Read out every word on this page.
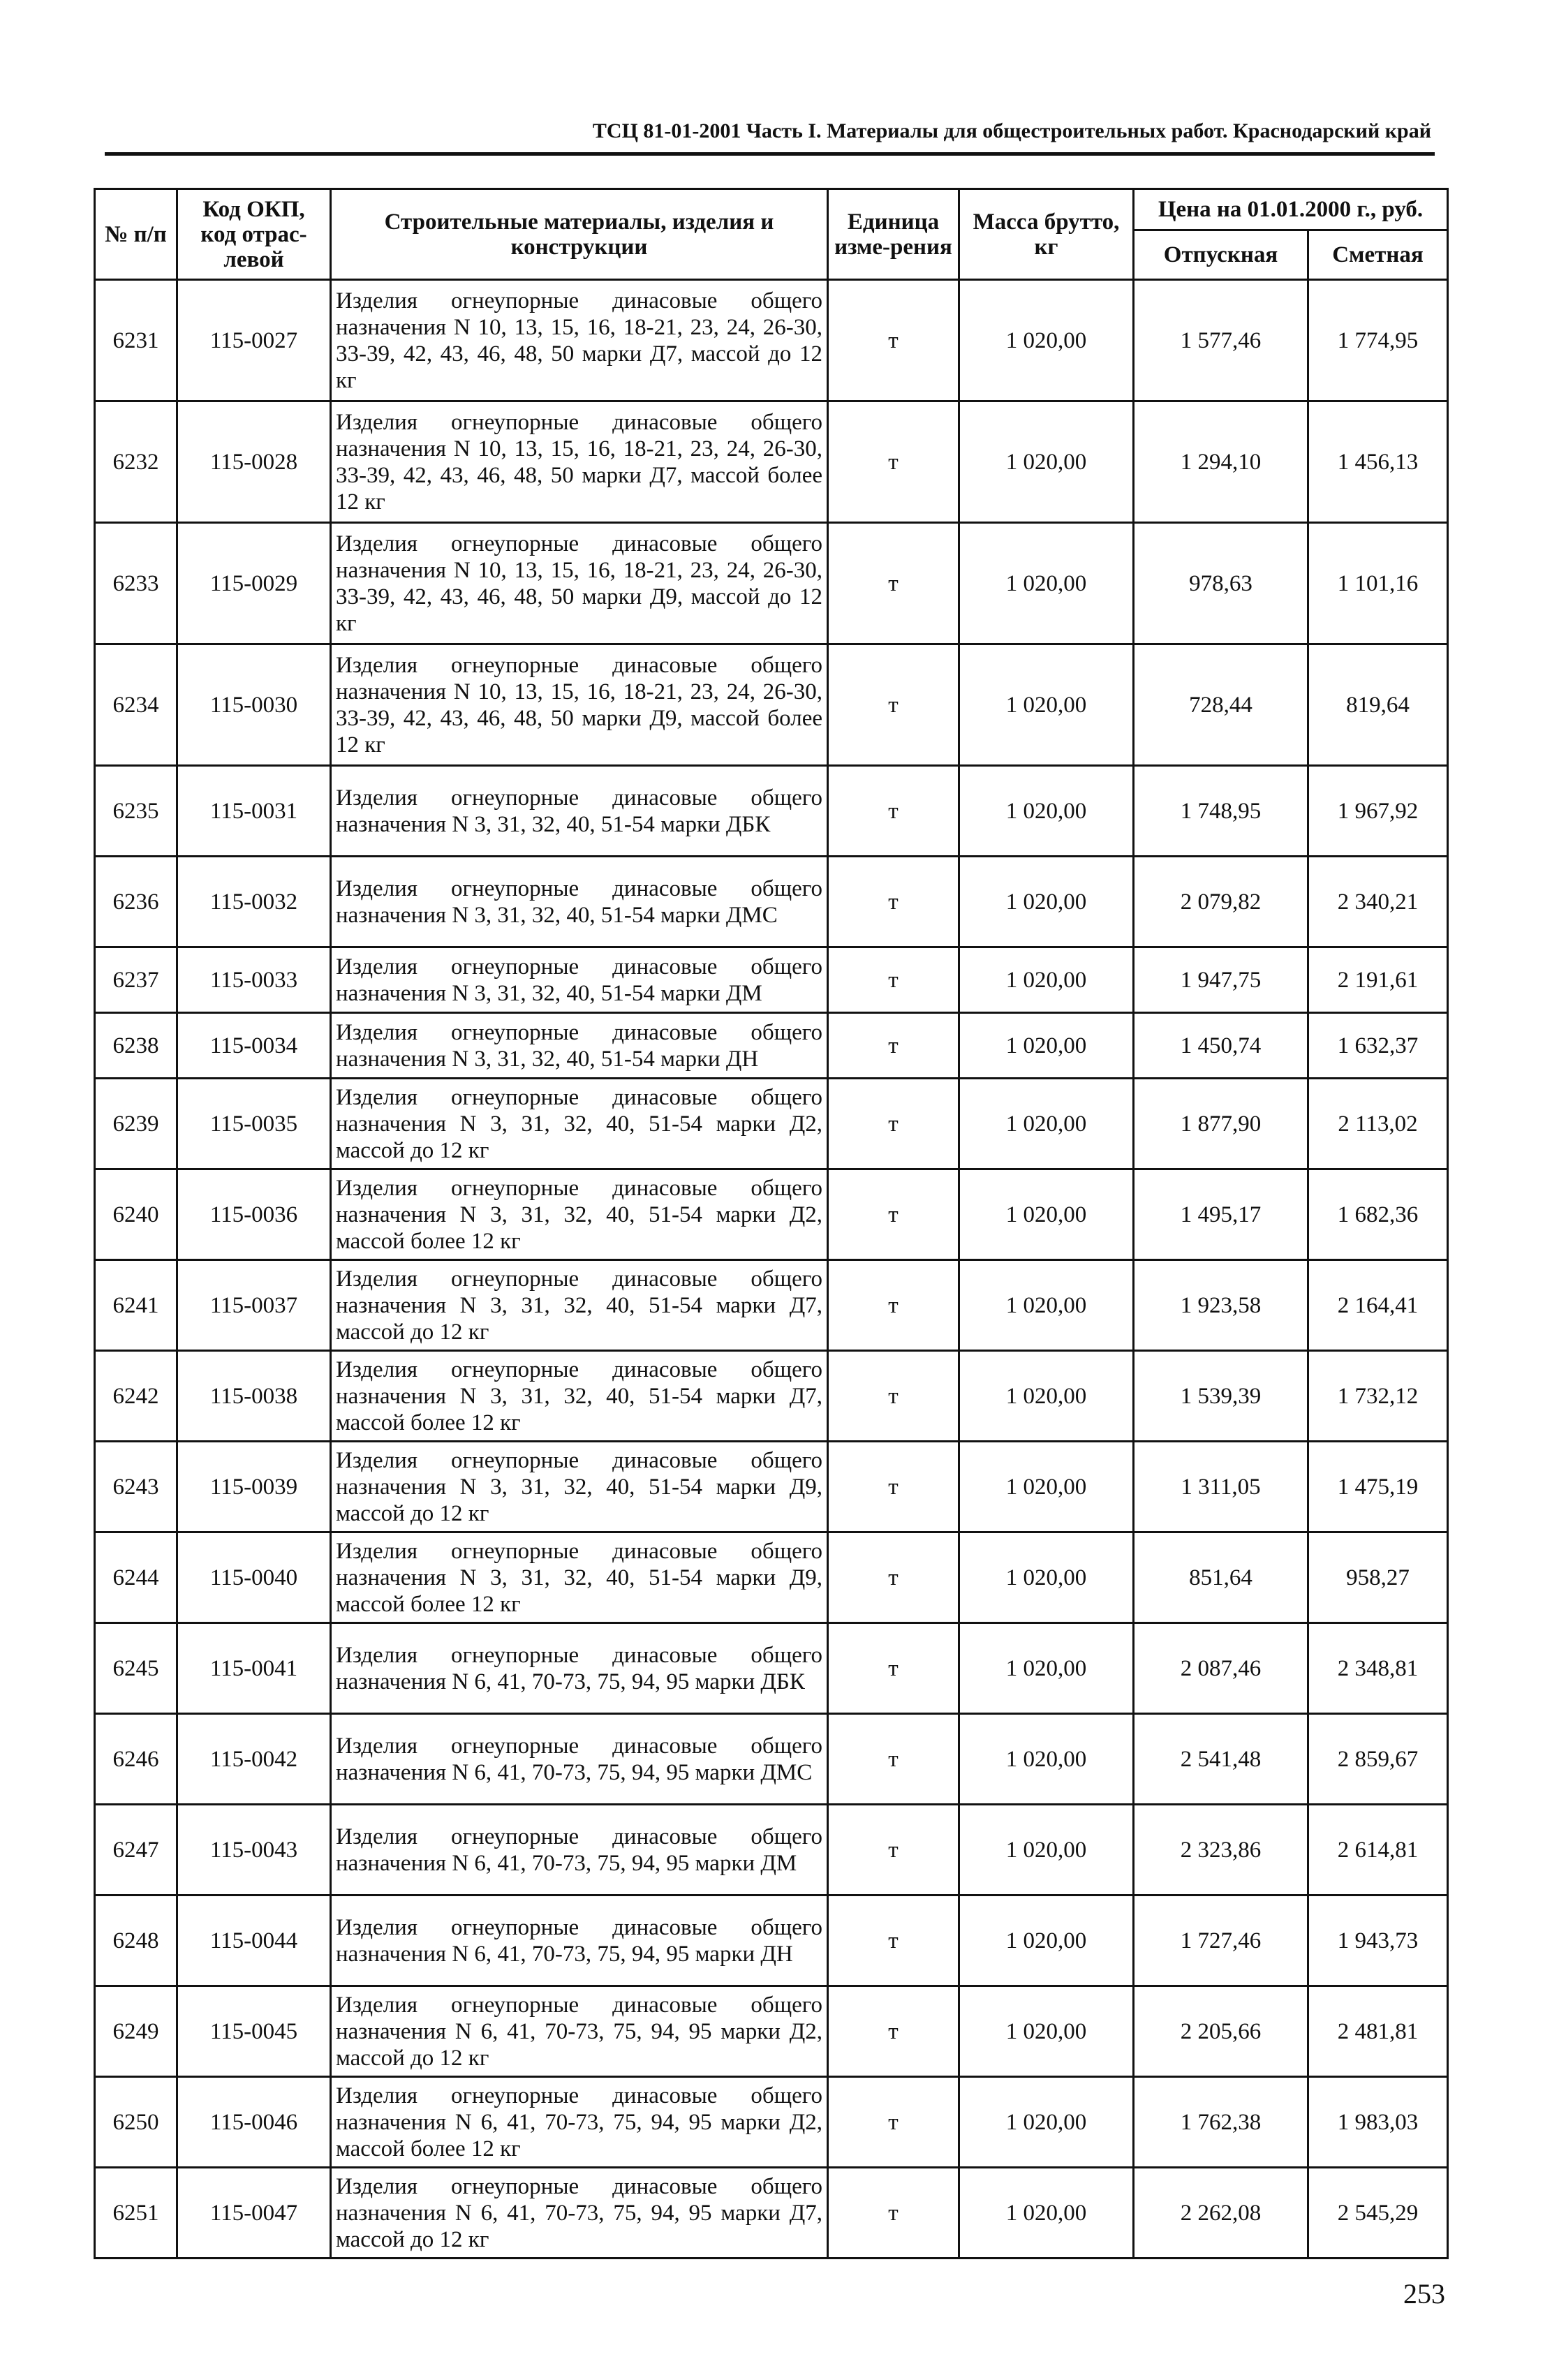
ТСЦ 81-01-2001 Часть I. Материалы для общестроительных работ. Краснодарский край
№ п/п	Код ОКП, код отрас-левой	Строительные материалы, изделия и конструкции	Единица изме-рения	Масса брутто, кг	Цена на 01.01.2000 г., руб.	
					Отпускная	Сметная
6231	115-0027	Изделия огнеупорные динасовые общего назначения N 10, 13, 15, 16, 18-21, 23, 24, 26-30, 33-39, 42, 43, 46, 48, 50 марки Д7, массой до 12 кг	т	1 020,00	1 577,46	1 774,95
6232	115-0028	Изделия огнеупорные динасовые общего назначения N 10, 13, 15, 16, 18-21, 23, 24, 26-30, 33-39, 42, 43, 46, 48, 50 марки Д7, массой более 12 кг	т	1 020,00	1 294,10	1 456,13
6233	115-0029	Изделия огнеупорные динасовые общего назначения N 10, 13, 15, 16, 18-21, 23, 24, 26-30, 33-39, 42, 43, 46, 48, 50 марки Д9, массой до 12 кг	т	1 020,00	978,63	1 101,16
6234	115-0030	Изделия огнеупорные динасовые общего назначения N 10, 13, 15, 16, 18-21, 23, 24, 26-30, 33-39, 42, 43, 46, 48, 50 марки Д9, массой более 12 кг	т	1 020,00	728,44	819,64
6235	115-0031	Изделия огнеупорные динасовые общего назначения N 3, 31, 32, 40, 51-54 марки ДБК	т	1 020,00	1 748,95	1 967,92
6236	115-0032	Изделия огнеупорные динасовые общего назначения N 3, 31, 32, 40, 51-54 марки ДМС	т	1 020,00	2 079,82	2 340,21
6237	115-0033	Изделия огнеупорные динасовые общего назначения N 3, 31, 32, 40, 51-54 марки ДМ	т	1 020,00	1 947,75	2 191,61
6238	115-0034	Изделия огнеупорные динасовые общего назначения N 3, 31, 32, 40, 51-54 марки ДН	т	1 020,00	1 450,74	1 632,37
6239	115-0035	Изделия огнеупорные динасовые общего назначения N 3, 31, 32, 40, 51-54 марки Д2, массой до 12 кг	т	1 020,00	1 877,90	2 113,02
6240	115-0036	Изделия огнеупорные динасовые общего назначения N 3, 31, 32, 40, 51-54 марки Д2, массой более 12 кг	т	1 020,00	1 495,17	1 682,36
6241	115-0037	Изделия огнеупорные динасовые общего назначения N 3, 31, 32, 40, 51-54 марки Д7, массой до 12 кг	т	1 020,00	1 923,58	2 164,41
6242	115-0038	Изделия огнеупорные динасовые общего назначения N 3, 31, 32, 40, 51-54 марки Д7, массой более 12 кг	т	1 020,00	1 539,39	1 732,12
6243	115-0039	Изделия огнеупорные динасовые общего назначения N 3, 31, 32, 40, 51-54 марки Д9, массой до 12 кг	т	1 020,00	1 311,05	1 475,19
6244	115-0040	Изделия огнеупорные динасовые общего назначения N 3, 31, 32, 40, 51-54 марки Д9, массой более 12 кг	т	1 020,00	851,64	958,27
6245	115-0041	Изделия огнеупорные динасовые общего назначения N 6, 41, 70-73, 75, 94, 95 марки ДБК	т	1 020,00	2 087,46	2 348,81
6246	115-0042	Изделия огнеупорные динасовые общего назначения N 6, 41, 70-73, 75, 94, 95 марки ДМС	т	1 020,00	2 541,48	2 859,67
6247	115-0043	Изделия огнеупорные динасовые общего назначения N 6, 41, 70-73, 75, 94, 95 марки ДМ	т	1 020,00	2 323,86	2 614,81
6248	115-0044	Изделия огнеупорные динасовые общего назначения N 6, 41, 70-73, 75, 94, 95 марки ДН	т	1 020,00	1 727,46	1 943,73
6249	115-0045	Изделия огнеупорные динасовые общего назначения N 6, 41, 70-73, 75, 94, 95 марки Д2, массой до 12 кг	т	1 020,00	2 205,66	2 481,81
6250	115-0046	Изделия огнеупорные динасовые общего назначения N 6, 41, 70-73, 75, 94, 95 марки Д2, массой более 12 кг	т	1 020,00	1 762,38	1 983,03
6251	115-0047	Изделия огнеупорные динасовые общего назначения N 6, 41, 70-73, 75, 94, 95 марки Д7, массой до 12 кг	т	1 020,00	2 262,08	2 545,29
253
